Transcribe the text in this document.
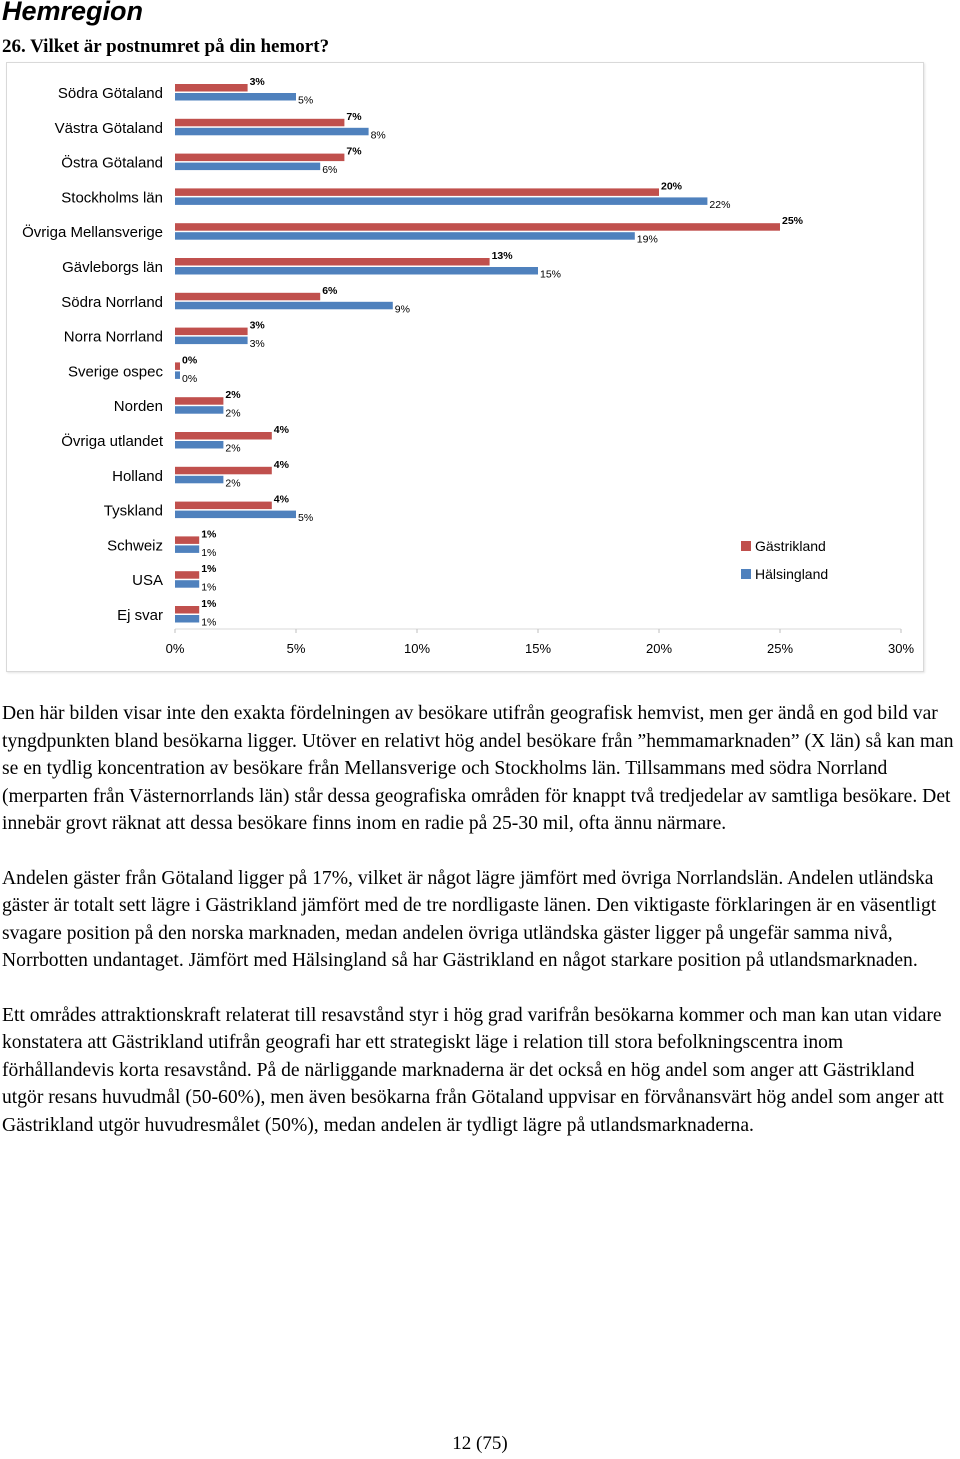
Hemregion
26. Vilket är postnumret på din hemort?
Södra Götaland
3%
5%
Västra Götaland
7%
8%
Östra Götaland
7%
6%
Stockholms län
20%
22%
Övriga Mellansverige
25%
19%
Gävleborgs län
13%
15%
Södra Norrland
6%
9%
Norra Norrland
3%
3%
Sverige ospec
0%
0%
Norden
2%
2%
Övriga utlandet
4%
2%
Holland
4%
2%
Tyskland
4%
5%
Schweiz
1%
1%
USA
1%
1%
Ej svar
1%
1%
0%	5%	10%	15%	20%	25%	30%
Gästrikland
Hälsingland

Den här bilden visar inte den exakta fördelningen av besökare utifrån geografisk hemvist, men ger ändå en god bild var tyngdpunkten bland besökarna ligger. Utöver en relativt hög andel besökare från ”hemmamarknaden” (X län) så kan man se en tydlig koncentration av besökare från Mellansverige och Stockholms län. Tillsammans med södra Norrland (merparten från Västernorrlands län) står dessa geografiska områden för knappt två tredjedelar av samtliga besökare. Det innebär grovt räknat att dessa besökare finns inom en radie på 25-30 mil, ofta ännu närmare.

Andelen gäster från Götaland ligger på 17%, vilket är något lägre jämfört med övriga Norrlandslän. Andelen utländska gäster är totalt sett lägre i Gästrikland jämfört med de tre nordligaste länen. Den viktigaste förklaringen är en väsentligt svagare position på den norska marknaden, medan andelen övriga utländska gäster ligger på ungefär samma nivå, Norrbotten undantaget. Jämfört med Hälsingland så har Gästrikland en något starkare position på utlandsmarknaden.

Ett områdes attraktionskraft relaterat till resavstånd styr i hög grad varifrån besökarna kommer och man kan utan vidare konstatera att Gästrikland utifrån geografi har ett strategiskt läge i relation till stora befolkningscentra inom förhållandevis korta resavstånd. På de närliggande marknaderna är det också en hög andel som anger att Gästrikland utgör resans huvudmål (50-60%), men även besökarna från Götaland uppvisar en förvånansvärt hög andel som anger att Gästrikland utgör huvudresmålet (50%), medan andelen är tydligt lägre på utlandsmarknaderna.

12 (75)
